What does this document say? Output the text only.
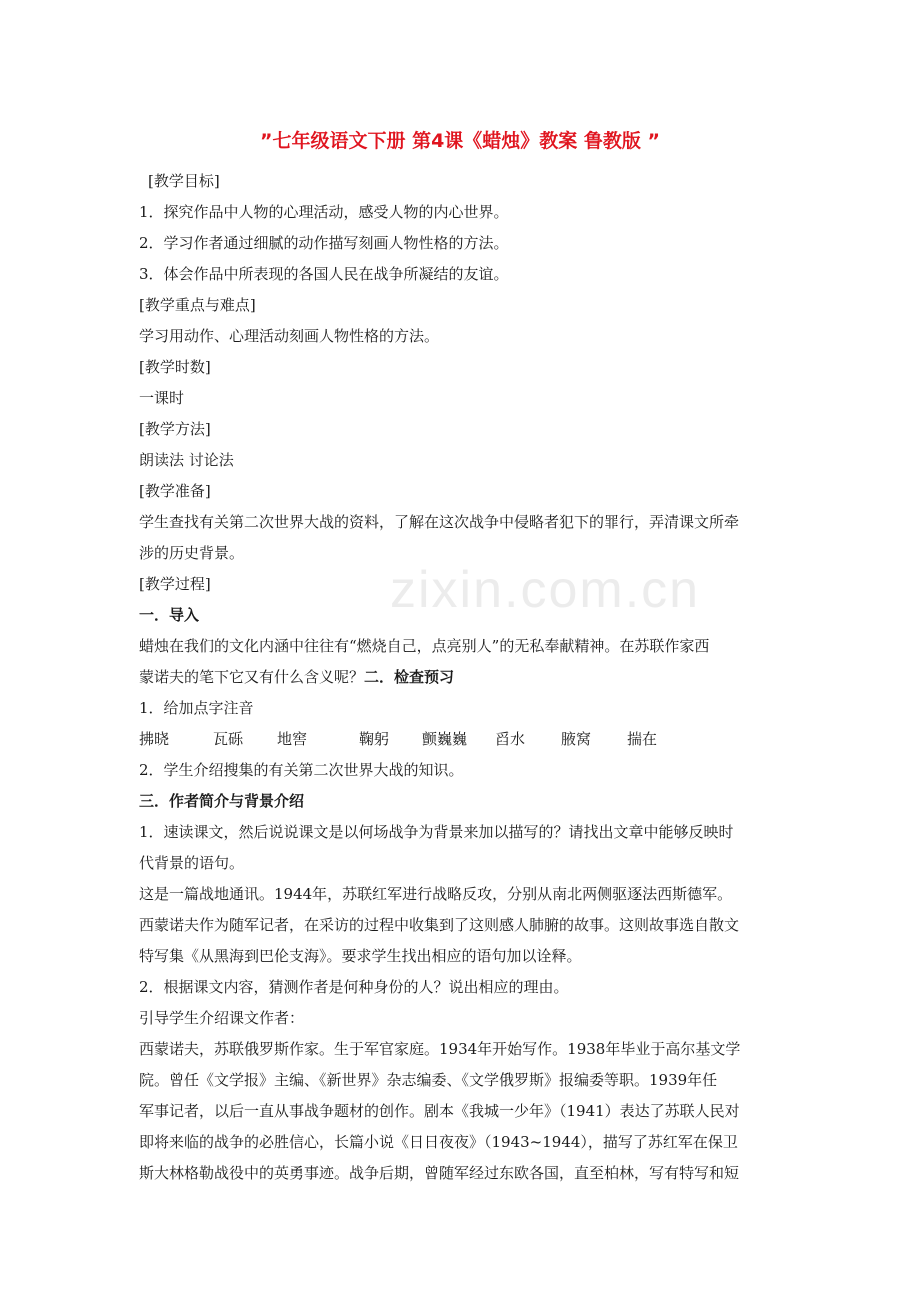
zixin.com.cn
”七年级语文下册 第4课《蜡烛》教案 鲁教版 ”
[教学目标]
1．探究作品中人物的心理活动，感受人物的内心世界。
2．学习作者通过细腻的动作描写刻画人物性格的方法。
3．体会作品中所表现的各国人民在战争所凝结的友谊。
[教学重点与难点]
学习用动作、心理活动刻画人物性格的方法。
[教学时数]
一课时
[教学方法]
朗读法 讨论法
[教学准备]
学生查找有关第二次世界大战的资料，了解在这次战争中侵略者犯下的罪行，弄清课文所牵
涉的历史背景。
[教学过程]
一．导入
蜡烛在我们的文化内涵中往往有“燃烧自己，点亮别人”的无私奉献精神。在苏联作家西
蒙诺夫的笔下它又有什么含义呢？二．检查预习
1．给加点字注音
拂晓	瓦砾	地窖	鞠躬	颤巍巍	舀水	腋窝	揣在
2．学生介绍搜集的有关第二次世界大战的知识。
三．作者简介与背景介绍
1．速读课文，然后说说课文是以何场战争为背景来加以描写的？请找出文章中能够反映时
代背景的语句。
这是一篇战地通讯。1944年，苏联红军进行战略反攻，分别从南北两侧驱逐法西斯德军。
西蒙诺夫作为随军记者，在采访的过程中收集到了这则感人肺腑的故事。这则故事选自散文
特写集《从黑海到巴伦支海》。要求学生找出相应的语句加以诠释。
2．根据课文内容，猜测作者是何种身份的人？说出相应的理由。
引导学生介绍课文作者：
西蒙诺夫，苏联俄罗斯作家。生于军官家庭。1934年开始写作。1938年毕业于高尔基文学
院。曾任《文学报》主编、《新世界》杂志编委、《文学俄罗斯》报编委等职。1939年任
军事记者，以后一直从事战争题材的创作。剧本《我城一少年》（1941）表达了苏联人民对
即将来临的战争的必胜信心，长篇小说《日日夜夜》（1943~1944），描写了苏红军在保卫
斯大林格勒战役中的英勇事迹。战争后期，曾随军经过东欧各国，直至柏林，写有特写和短
